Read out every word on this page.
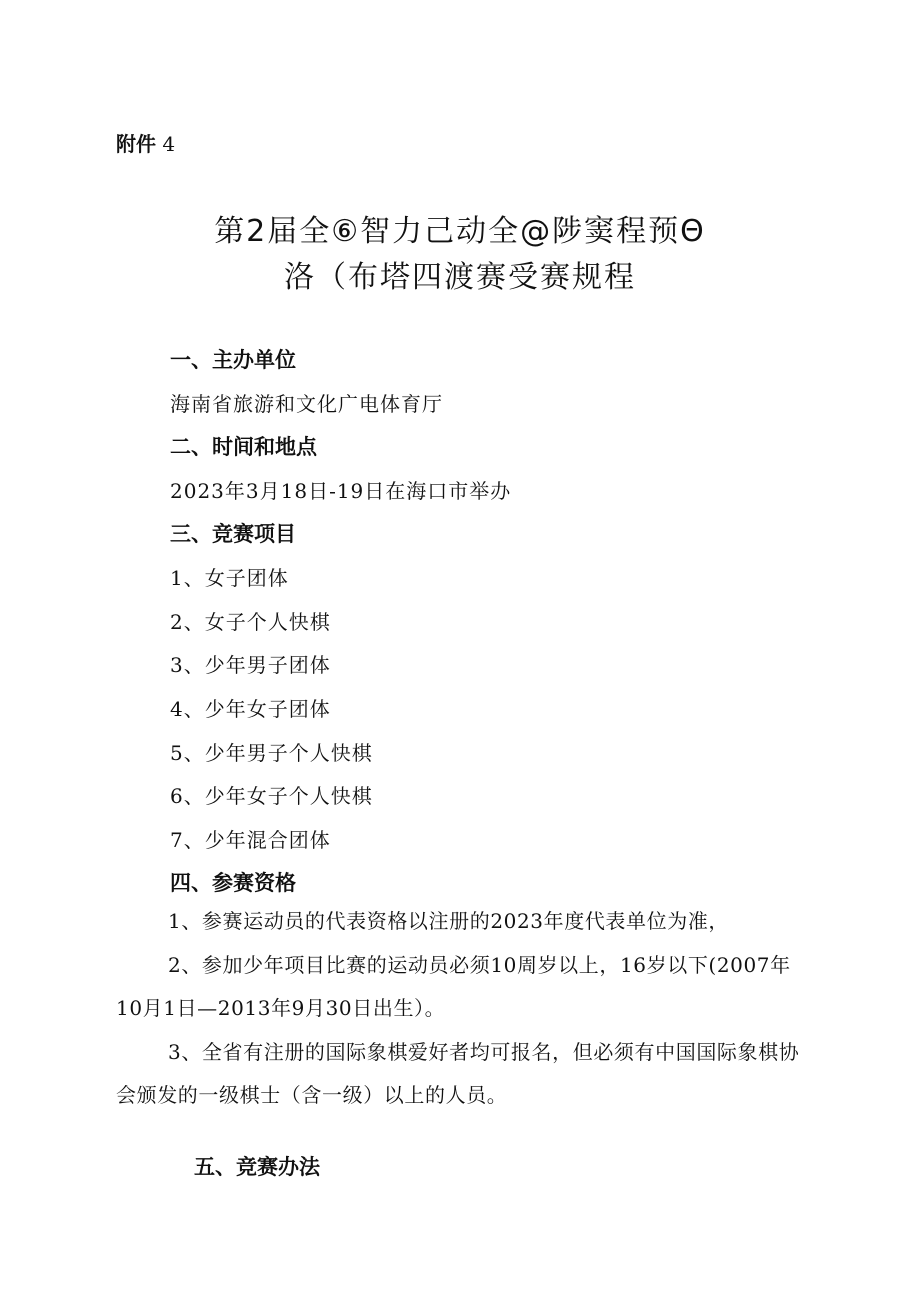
附件 4
第2届全⑥智力己动全@陟窦程预Θ
洛（布塔四渡赛受赛规程
一、主办单位
海南省旅游和文化广电体育厅
二、时间和地点
2023年3月18日-19日在海口市举办
三、竞赛项目
1、女子团体
2、女子个人快棋
3、少年男子团体
4、少年女子团体
5、少年男子个人快棋
6、少年女子个人快棋
7、少年混合团体
四、参赛资格
1、参赛运动员的代表资格以注册的2023年度代表单位为准，
2、参加少年项目比赛的运动员必须10周岁以上，16岁以下(2007年10月1日—2013年9月30日出生）。
3、全省有注册的国际象棋爱好者均可报名，但必须有中国国际象棋协会颁发的一级棋士（含一级）以上的人员。
五、竞赛办法
